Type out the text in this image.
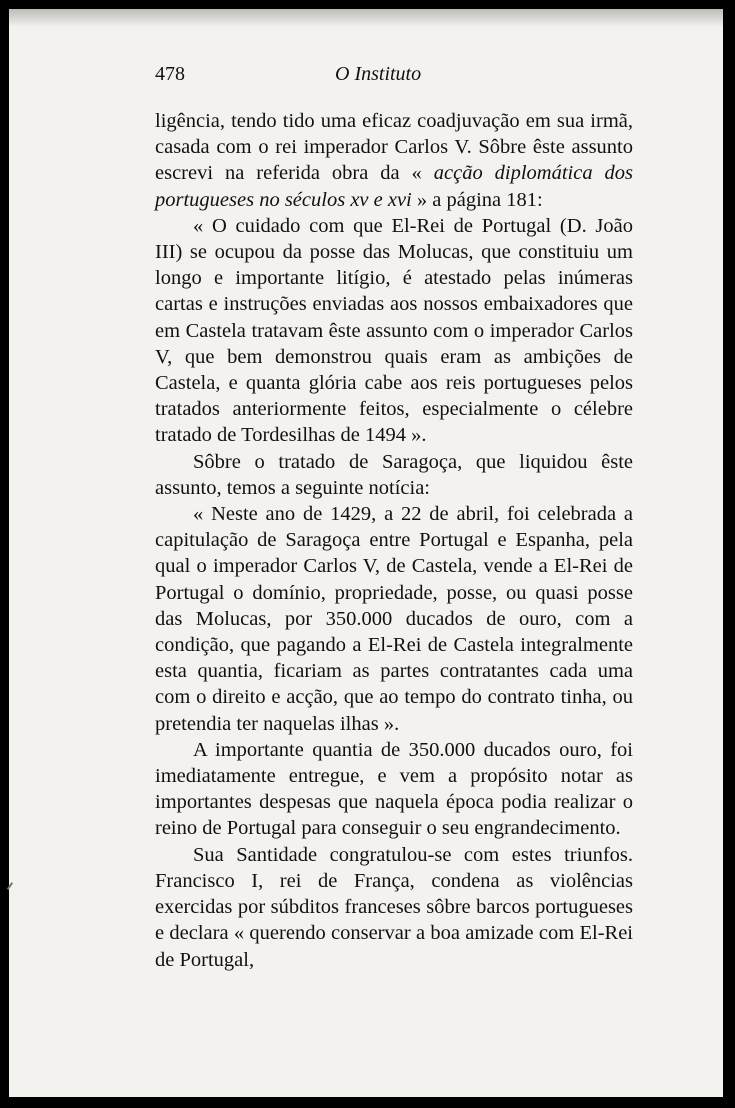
478	O Instituto

ligência, tendo tido uma eficaz coadjuvação em sua irmã, casada com o rei imperador Carlos V. Sôbre êste assunto escrevi na referida obra da « acção diplomática dos portugueses no séculos xv e xvi » a página 181:

« O cuidado com que El-Rei de Portugal (D. João III) se ocupou da posse das Molucas, que constituiu um longo e importante litígio, é atestado pelas inúmeras cartas e instruções enviadas aos nossos embaixadores que em Castela tratavam êste assunto com o imperador Carlos V, que bem demonstrou quais eram as ambições de Castela, e quanta glória cabe aos reis portugueses pelos tratados anteriormente feitos, especialmente o célebre tratado de Tordesilhas de 1494 ».

Sôbre o tratado de Saragoça, que liquidou êste assunto, temos a seguinte notícia:

« Neste ano de 1429, a 22 de abril, foi celebrada a capitulação de Saragoça entre Portugal e Espanha, pela qual o imperador Carlos V, de Castela, vende a El-Rei de Portugal o domínio, propriedade, posse, ou quasi posse das Molucas, por 350.000 ducados de ouro, com a condição, que pagando a El-Rei de Castela integralmente esta quantia, ficariam as partes contratantes cada uma com o direito e acção, que ao tempo do contrato tinha, ou pretendia ter naquelas ilhas ».

A importante quantia de 350.000 ducados ouro, foi imediatamente entregue, e vem a propósito notar as importantes despesas que naquela época podia realizar o reino de Portugal para conseguir o seu engrandecimento.

Sua Santidade congratulou-se com estes triunfos. Francisco I, rei de França, condena as violências exercidas por súbditos franceses sôbre barcos portugueses e declara « querendo conservar a boa amizade com El-Rei de Portugal,
